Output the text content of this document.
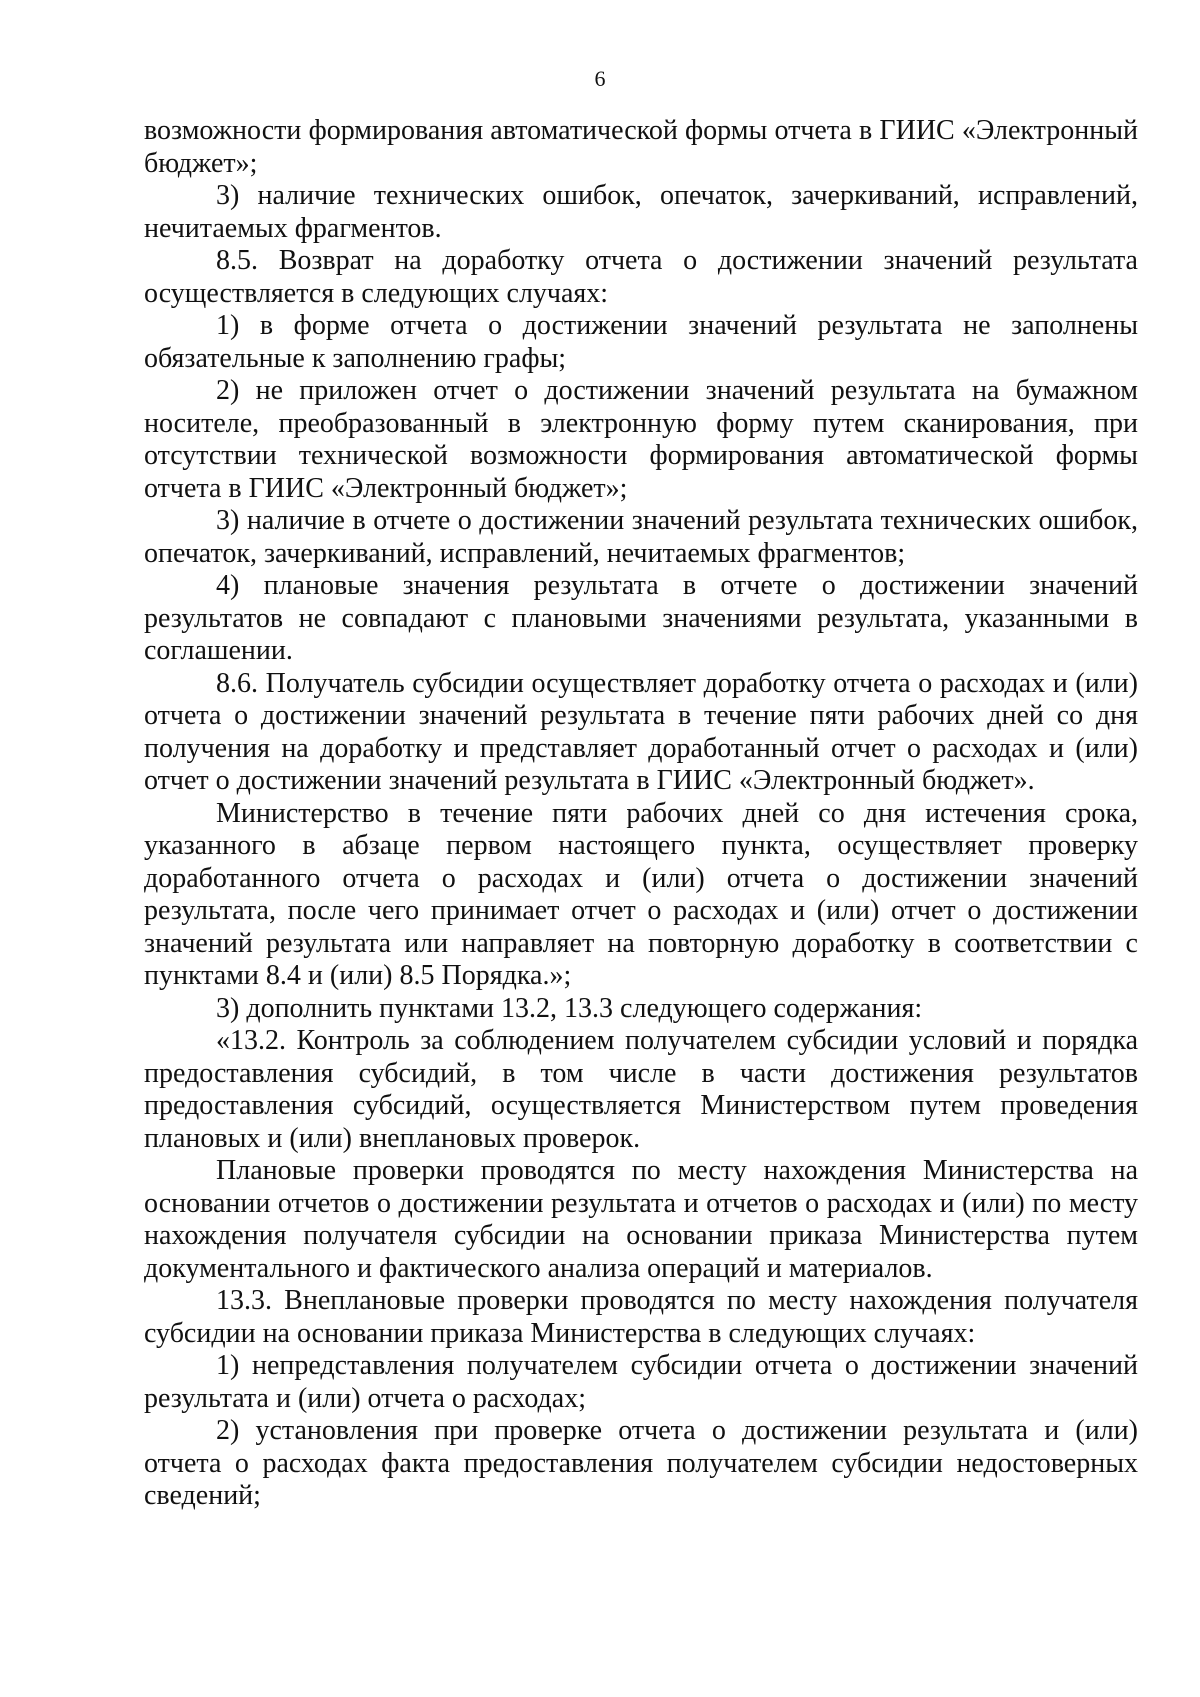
6

возможности формирования автоматической формы отчета в ГИИС «Электронный бюджет»;

3) наличие технических ошибок, опечаток, зачеркиваний, исправлений, нечитаемых фрагментов.

8.5. Возврат на доработку отчета о достижении значений результата осуществляется в следующих случаях:

1) в форме отчета о достижении значений результата не заполнены обязательные к заполнению графы;

2) не приложен отчет о достижении значений результата на бумажном носителе, преобразованный в электронную форму путем сканирования, при отсутствии технической возможности формирования автоматической формы отчета в ГИИС «Электронный бюджет»;

3) наличие в отчете о достижении значений результата технических ошибок, опечаток, зачеркиваний, исправлений, нечитаемых фрагментов;

4) плановые значения результата в отчете о достижении значений результатов не совпадают с плановыми значениями результата, указанными в соглашении.

8.6. Получатель субсидии осуществляет доработку отчета о расходах и (или) отчета о достижении значений результата в течение пяти рабочих дней со дня получения на доработку и представляет доработанный отчет о расходах и (или) отчет о достижении значений результата в ГИИС «Электронный бюджет».

Министерство в течение пяти рабочих дней со дня истечения срока, указанного в абзаце первом настоящего пункта, осуществляет проверку доработанного отчета о расходах и (или) отчета о достижении значений результата, после чего принимает отчет о расходах и (или) отчет о достижении значений результата или направляет на повторную доработку в соответствии с пунктами 8.4 и (или) 8.5 Порядка.»;

3) дополнить пунктами 13.2, 13.3 следующего содержания:

«13.2. Контроль за соблюдением получателем субсидии условий и порядка предоставления субсидий, в том числе в части достижения результатов предоставления субсидий, осуществляется Министерством путем проведения плановых и (или) внеплановых проверок.

Плановые проверки проводятся по месту нахождения Министерства на основании отчетов о достижении результата и отчетов о расходах и (или) по месту нахождения получателя субсидии на основании приказа Министерства путем документального и фактического анализа операций и материалов.

13.3. Внеплановые проверки проводятся по месту нахождения получателя субсидии на основании приказа Министерства в следующих случаях:

1) непредставления получателем субсидии отчета о достижении значений результата и (или) отчета о расходах;

2) установления при проверке отчета о достижении результата и (или) отчета о расходах факта предоставления получателем субсидии недостоверных сведений;
